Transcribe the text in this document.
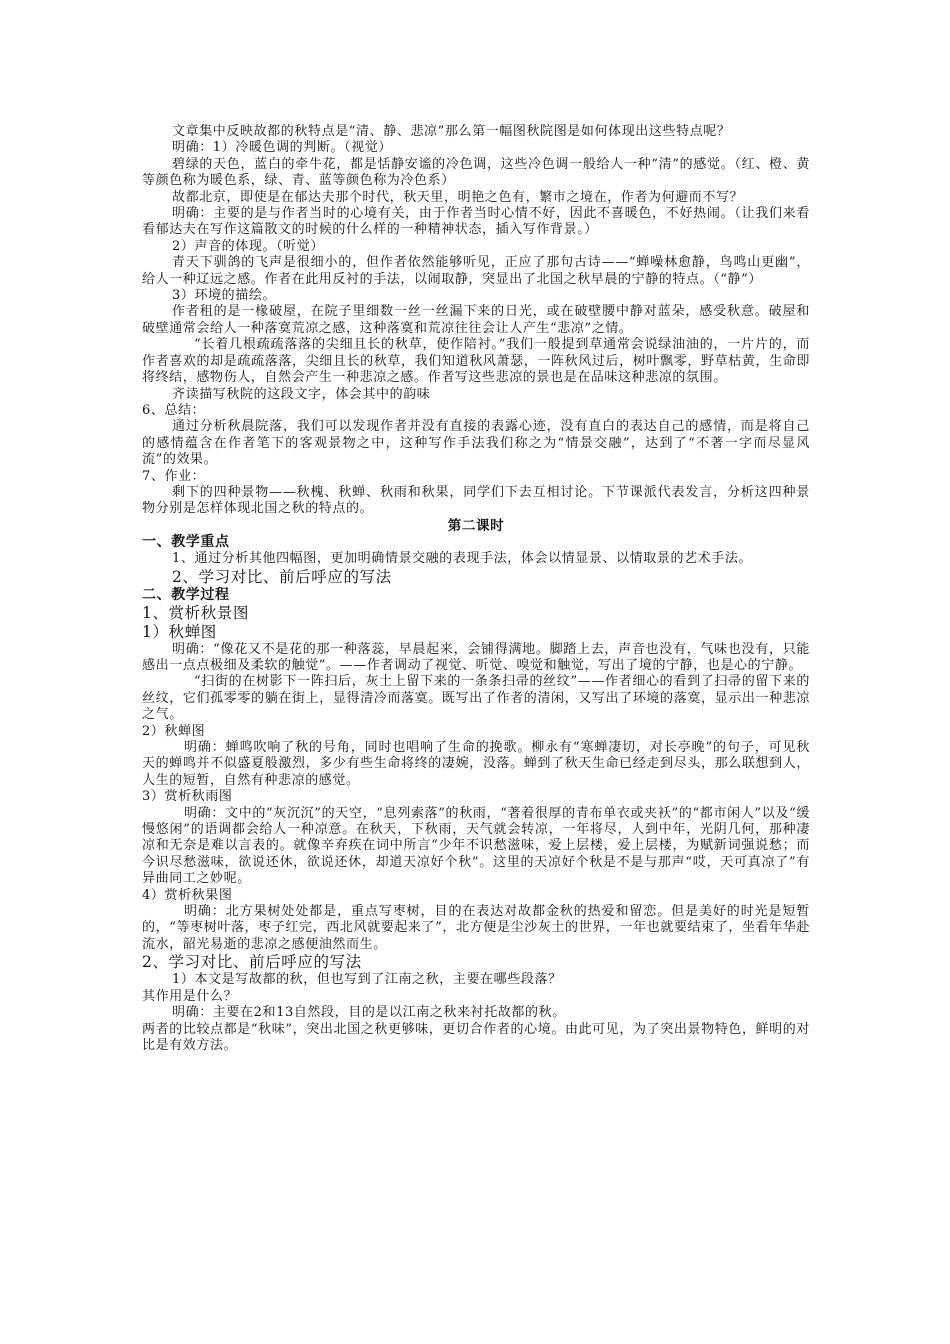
文章集中反映故都的秋特点是“清、静、悲凉”那么第一幅图秋院图是如何体现出这些特点呢？

明确：1）冷暖色调的判断。（视觉）

碧绿的天色，蓝白的牵牛花，都是恬静安谧的冷色调，这些冷色调一般给人一种“清”的感觉。（红、橙、黄等颜色称为暖色系，绿、青、蓝等颜色称为冷色系）

故都北京，即使是在郁达夫那个时代，秋天里，明艳之色有，繁市之境在，作者为何避而不写？

明确：主要的是与作者当时的心境有关，由于作者当时心情不好，因此不喜暖色，不好热闹。（让我们来看看郁达夫在写作这篇散文的时候的什么样的一种精神状态，插入写作背景。）

2）声音的体现。（听觉）

青天下驯鸽的飞声是很细小的，但作者依然能够听见，正应了那句古诗——“蝉噪林愈静，鸟鸣山更幽”，给人一种辽远之感。作者在此用反衬的手法，以闹取静，突显出了北国之秋早晨的宁静的特点。（“静”）

3）环境的描绘。

作者租的是一椽破屋，在院子里细数一丝一丝漏下来的日光，或在破壁腰中静对蓝朵，感受秋意。破屋和破壁通常会给人一种落寞荒凉之感，这种落寞和荒凉往往会让人产生“悲凉”之情。

“长着几根疏疏落落的尖细且长的秋草，使作陪衬。”我们一般提到草通常会说绿油油的，一片片的，而作者喜欢的却是疏疏落落，尖细且长的秋草，我们知道秋风萧瑟，一阵秋风过后，树叶飘零，野草枯黄，生命即将终结，感物伤人，自然会产生一种悲凉之感。作者写这些悲凉的景也是在品味这种悲凉的氛围。

齐读描写秋院的这段文字，体会其中的韵味

6、总结：

通过分析秋晨院落，我们可以发现作者并没有直接的表露心迹，没有直白的表达自己的感情，而是将自己的感情蕴含在作者笔下的客观景物之中，这种写作手法我们称之为“情景交融”，达到了“不著一字而尽显风流”的效果。

7、作业：

剩下的四种景物——秋槐、秋蝉、秋雨和秋果，同学们下去互相讨论。下节课派代表发言，分析这四种景物分别是怎样体现北国之秋的特点的。

第二课时

一、教学重点

1、通过分析其他四幅图，更加明确情景交融的表现手法，体会以情显景、以情取景的艺术手法。

2、学习对比、前后呼应的写法

二、教学过程

1、赏析秋景图

1）秋蝉图

明确：“像花又不是花的那一种落蕊，早晨起来，会铺得满地。脚踏上去，声音也没有，气味也没有，只能感出一点点极细及柔软的触觉”。——作者调动了视觉、听觉、嗅觉和触觉，写出了境的宁静，也是心的宁静。

“扫街的在树影下一阵扫后，灰土上留下来的一条条扫帚的丝纹”——作者细心的看到了扫帚的留下来的丝纹，它们孤零零的躺在街上，显得清冷而落寞。既写出了作者的清闲，又写出了环境的落寞，显示出一种悲凉之气。

2）秋蝉图

明确：蝉鸣吹响了秋的号角，同时也唱响了生命的挽歌。柳永有“寒蝉凄切，对长亭晚”的句子，可见秋天的蝉鸣并不似盛夏般激烈，多少有些生命将终的凄婉，没落。蝉到了秋天生命已经走到尽头，那么联想到人，人生的短暂，自然有种悲凉的感觉。

3）赏析秋雨图

明确：文中的“灰沉沉”的天空，“息列索落”的秋雨，“著着很厚的青布单衣或夹袄”的“都市闲人”以及“缓慢悠闲”的语调都会给人一种凉意。在秋天，下秋雨，天气就会转凉，一年将尽，人到中年，光阴几何，那种凄凉和无奈是难以言表的。就像辛弃疾在词中所言“少年不识愁滋味，爱上层楼，爱上层楼，为赋新词强说愁；而今识尽愁滋味，欲说还休，欲说还休，却道天凉好个秋”。这里的天凉好个秋是不是与那声“哎，天可真凉了”有异曲同工之妙呢。

4）赏析秋果图

明确：北方果树处处都是，重点写枣树，目的在表达对故都金秋的热爱和留恋。但是美好的时光是短暂的，“等枣树叶落，枣子红完，西北风就要起来了”，北方便是尘沙灰土的世界，一年也就要结束了，坐看年华赴流水，韶光易逝的悲凉之感便油然而生。

2、学习对比、前后呼应的写法

1）本文是写故都的秋，但也写到了江南之秋，主要在哪些段落？

其作用是什么？

明确：主要在2和13自然段，目的是以江南之秋来衬托故都的秋。

两者的比较点都是“秋味”，突出北国之秋更够味，更切合作者的心境。由此可见，为了突出景物特色，鲜明的对比是有效方法。
